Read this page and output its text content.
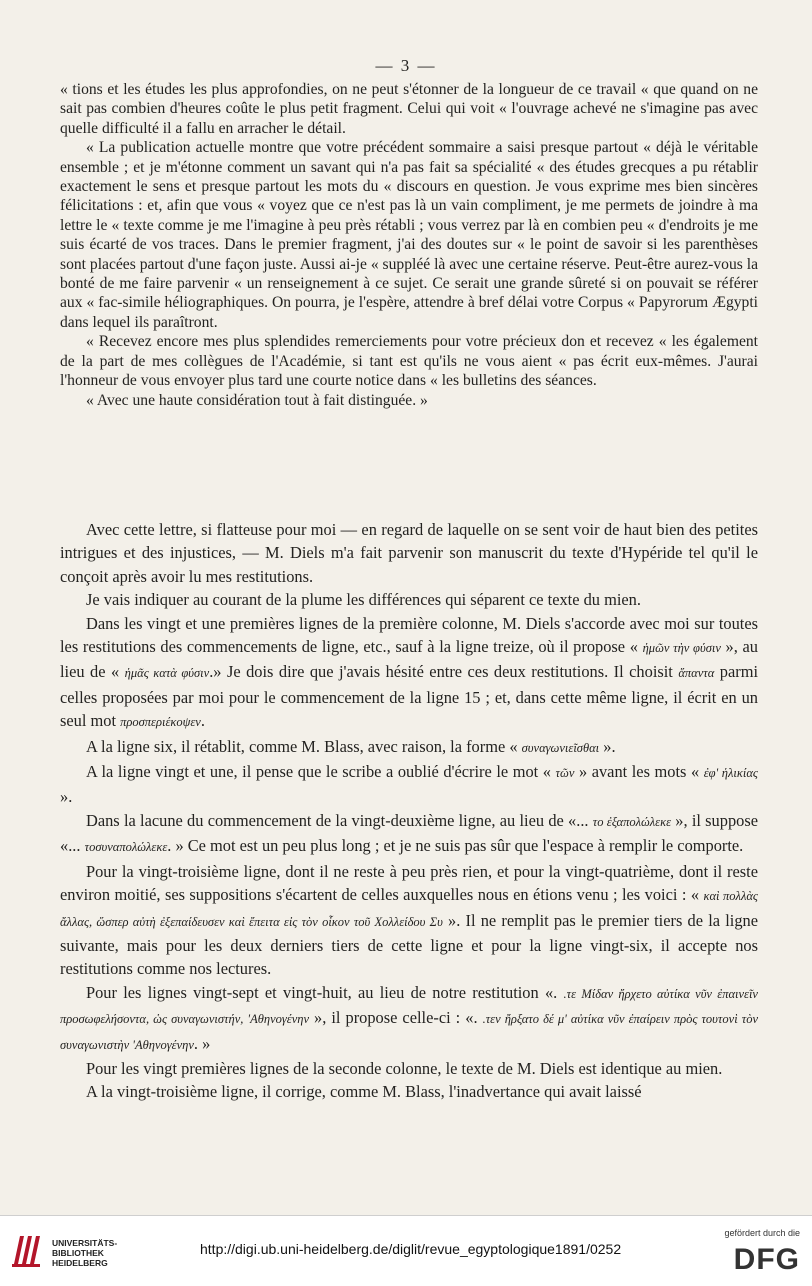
— 3 —

« tions et les études les plus approfondies, on ne peut s'étonner de la longueur de ce travail « que quand on ne sait pas combien d'heures coûte le plus petit fragment. Celui qui voit « l'ouvrage achevé ne s'imagine pas avec quelle difficulté il a fallu en arracher le détail.

« La publication actuelle montre que votre précédent sommaire a saisi presque partout « déjà le véritable ensemble ; et je m'étonne comment un savant qui n'a pas fait sa spécialité « des études grecques a pu rétablir exactement le sens et presque partout les mots du « discours en question. Je vous exprime mes bien sincères félicitations : et, afin que vous « voyez que ce n'est pas là un vain compliment, je me permets de joindre à ma lettre le « texte comme je me l'imagine à peu près rétabli ; vous verrez par là en combien peu « d'endroits je me suis écarté de vos traces. Dans le premier fragment, j'ai des doutes sur « le point de savoir si les parenthèses sont placées partout d'une façon juste. Aussi ai-je « suppléé là avec une certaine réserve. Peut-être aurez-vous la bonté de me faire parvenir « un renseignement à ce sujet. Ce serait une grande sûreté si on pouvait se référer aux « fac-simile héliographiques. On pourra, je l'espère, attendre à bref délai votre Corpus « Papyrorum Ægypti dans lequel ils paraîtront.

« Recevez encore mes plus splendides remerciements pour votre précieux don et recevez « les également de la part de mes collègues de l'Académie, si tant est qu'ils ne vous aient « pas écrit eux-mêmes. J'aurai l'honneur de vous envoyer plus tard une courte notice dans « les bulletins des séances.

« Avec une haute considération tout à fait distinguée. »

Avec cette lettre, si flatteuse pour moi — en regard de laquelle on se sent voir de haut bien des petites intrigues et des injustices, — M. Diels m'a fait parvenir son manuscrit du texte d'Hypéride tel qu'il le conçoit après avoir lu mes restitutions.

Je vais indiquer au courant de la plume les différences qui séparent ce texte du mien.

Dans les vingt et une premières lignes de la première colonne, M. Diels s'accorde avec moi sur toutes les restitutions des commencements de ligne, etc., sauf à la ligne treize, où il propose « ἡμῶν τὴν φύσιν », au lieu de « ἡμᾶς κατὰ φύσιν.» Je dois dire que j'avais hésité entre ces deux restitutions. Il choisit ἅπαντα parmi celles proposées par moi pour le commencement de la ligne 15 ; et, dans cette même ligne, il écrit en un seul mot προσπεριέκοψεν.

A la ligne six, il rétablit, comme M. Blass, avec raison, la forme « συναγωνιεῖσθαι ».

A la ligne vingt et une, il pense que le scribe a oublié d'écrire le mot « τῶν » avant les mots « ἐφ' ἡλικίας ».

Dans la lacune du commencement de la vingt-deuxième ligne, au lieu de «... το ἐξαπολώλεκε », il suppose «... τοσυναπολώλεκε. » Ce mot est un peu plus long ; et je ne suis pas sûr que l'espace à remplir le comporte.

Pour la vingt-troisième ligne, dont il ne reste à peu près rien, et pour la vingt-quatrième, dont il reste environ moitié, ses suppositions s'écartent de celles auxquelles nous en étions venu ; les voici : « καὶ πολλὰς ἄλλας, ὥσπερ αὐτὴ ἐξεπαίδευσεν καὶ ἔπειτα εἰς τὸν οἶκον τοῦ Χολλείδου Συ ». Il ne remplit pas le premier tiers de la ligne suivante, mais pour les deux derniers tiers de cette ligne et pour la ligne vingt-six, il accepte nos restitutions comme nos lectures.

Pour les lignes vingt-sept et vingt-huit, au lieu de notre restitution «. .τε Μίδαν ἤρχετο αὐτίκα νῦν ἐπαινεῖν προσωφελήσοντα, ὡς συναγωνιστήν, 'Αθηνογένην », il propose celle-ci : «. .τεν ἤρξατο δέ μ' αὐτίκα νῦν ἐπαίρειν πρὸς τουτονὶ τὸν συναγωνιστὴν 'Αθηνογένην. »

Pour les vingt premières lignes de la seconde colonne, le texte de M. Diels est identique au mien.

A la vingt-troisième ligne, il corrige, comme M. Blass, l'inadvertance qui avait laissé

UNIVERSITÄTS-
BIBLIOTHEK
HEIDELBERG
http://digi.ub.uni-heidelberg.de/diglit/revue_egyptologique1891/0252
gefördert durch die
DFG
